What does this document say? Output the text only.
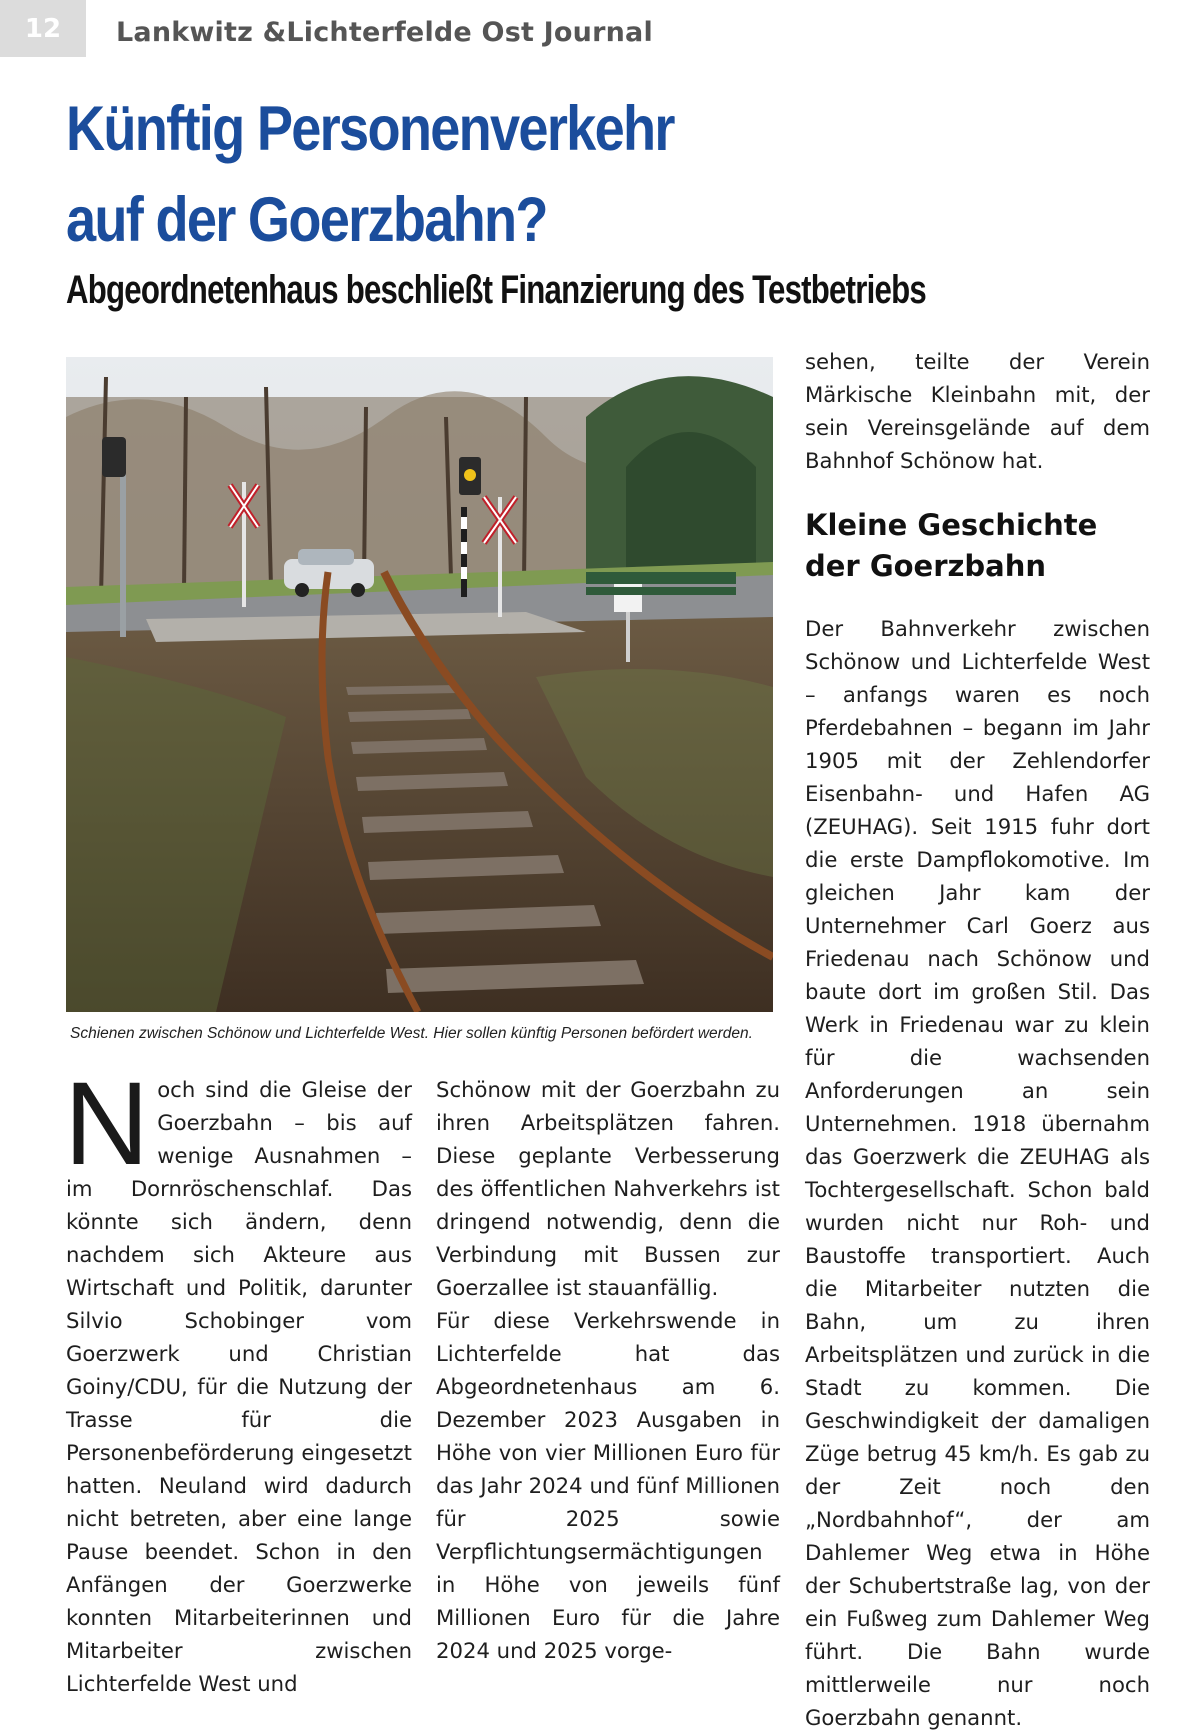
12	Lankwitz &Lichterfelde Ost Journal
Künftig Personenverkehr
auf der Goerzbahn?
Abgeordnetenhaus beschließt Finanzierung des Testbetriebs
Schienen zwischen Schönow und Lichterfelde West. Hier sollen künftig Personen befördert werden.

Noch sind die Gleise der Goerzbahn – bis auf wenige Ausnahmen – im Dornröschenschlaf. Das könnte sich ändern, denn nachdem sich Akteure aus Wirtschaft und Politik, darunter Silvio Schobinger vom Goerzwerk und Christian Goiny/CDU, für die Nutzung der Trasse für die Personenbeförderung eingesetzt hatten. Neuland wird dadurch nicht betreten, aber eine lange Pause beendet. Schon in den Anfängen der Goerzwerke konnten Mitarbeiterinnen und Mitarbeiter zwischen Lichterfelde West und

Schönow mit der Goerzbahn zu ihren Arbeitsplätzen fahren. Diese geplante Verbesserung des öffentlichen Nahverkehrs ist dringend notwendig, denn die Verbindung mit Bussen zur Goerzallee ist stauanfällig.

Für diese Verkehrswende in Lichterfelde hat das Abgeordnetenhaus am 6. Dezember 2023 Ausgaben in Höhe von vier Millionen Euro für das Jahr 2024 und fünf Millionen für 2025 sowie Verpflichtungsermächtigungen in Höhe von jeweils fünf Millionen Euro für die Jahre 2024 und 2025 vorge-

sehen, teilte der Verein Märkische Kleinbahn mit, der sein Vereinsgelände auf dem Bahnhof Schönow hat.
Kleine Geschichte der Goerzbahn

Der Bahnverkehr zwischen Schönow und Lichterfelde West – anfangs waren es noch Pferdebahnen – begann im Jahr 1905 mit der Zehlendorfer Eisenbahn- und Hafen AG (ZEUHAG). Seit 1915 fuhr dort die erste Dampflokomotive. Im gleichen Jahr kam der Unternehmer Carl Goerz aus Friedenau nach Schönow und baute dort im großen Stil. Das Werk in Friedenau war zu klein für die wachsenden Anforderungen an sein Unternehmen. 1918 übernahm das Goerzwerk die ZEUHAG als Tochtergesellschaft. Schon bald wurden nicht nur Roh- und Baustoffe transportiert. Auch die Mitarbeiter nutzten die Bahn, um zu ihren Arbeitsplätzen und zurück in die Stadt zu kommen. Die Geschwindigkeit der damaligen Züge betrug 45 km/h. Es gab zu der Zeit noch den „Nordbahnhof“, der am Dahlemer Weg etwa in Höhe der Schubertstraße lag, von der ein Fußweg zum Dahlemer Weg führt. Die Bahn wurde mittlerweile nur noch Goerzbahn genannt.
